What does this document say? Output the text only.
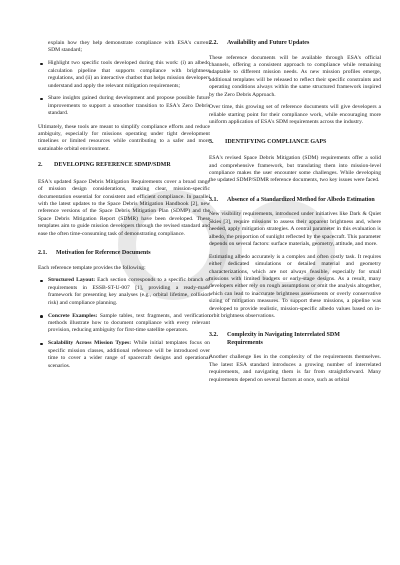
explain how they help demonstrate compliance with ESA's current SDM standard;

Highlight two specific tools developed during this work: (i) an albedo calculation pipeline that supports compliance with brightness regulations, and (ii) an interactive chatbot that helps mission developers understand and apply the relevant mitigation requirements;
Share insights gained during development and propose possible future improvements to support a smoother transition to ESA's Zero Debris standard.

Ultimately, these tools are meant to simplify compliance efforts and reduce ambiguity, especially for missions operating under tight development timelines or limited resources while contributing to a safer and more sustainable orbital environment.

2. DEVELOPING REFERENCE SDMP/SDMR

ESA's updated Space Debris Mitigation Requirements cover a broad range of mission design considerations, making clear, mission-specific documentation essential for consistent and efficient compliance. In parallel with the latest updates to the Space Debris Mitigation Handbook [2], new reference versions of the Space Debris Mitigation Plan (SDMP) and the Space Debris Mitigation Report (SDMR) have been developed. These templates aim to guide mission developers through the revised standard and ease the often time-consuming task of demonstrating compliance.

2.1. Motivation for Reference Documents

Each reference template provides the following:

Structured Layout: Each section corresponds to a specific branch of requirements in ESSB-ST-U-007 [1], providing a ready-made framework for presenting key analyses (e.g., orbital lifetime, collision risk) and compliance planning.
Concrete Examples: Sample tables, text fragments, and verification methods illustrate how to document compliance with every relevant provision, reducing ambiguity for first-time satellite operators.
Scalability Across Mission Types: While initial templates focus on specific mission classes, additional reference will be introduced over time to cover a wider range of spacecraft designs and operational scenarios.
2.2. Availability and Future Updates

These reference documents will be available through ESA's official channels, offering a consistent approach to compliance while remaining adaptable to different mission needs. As new mission profiles emerge, additional templates will be released to reflect their specific constraints and operating conditions always within the same structured framework inspired by the Zero Debris Approach.

Over time, this growing set of reference documents will give developers a reliable starting point for their compliance work, while encouraging more uniform application of ESA's SDM requirements across the industry.

3. IDENTIFYING COMPLIANCE GAPS

ESA's revised Space Debris Mitigation (SDM) requirements offer a solid and comprehensive framework, but translating them into mission-level compliance makes the user encounter some challenges. While developing the updated SDMP/SDMR reference documents, two key issues were faced.

3.1. Absence of a Standardized Method for Albedo Estimation

New visibility requirements, introduced under initiatives like Dark & Quiet Skies [3], require missions to assess their apparent brightness and, where needed, apply mitigation strategies. A central parameter in this evaluation is albedo, the proportion of sunlight reflected by the spacecraft. This parameter depends on several factors: surface materials, geometry, attitude, and more.

Estimating albedo accurately is a complex and often costly task. It requires either dedicated simulations or detailed material and geometry characterizations, which are not always feasible, especially for small missions with limited budgets or early-stage designs. As a result, many developers either rely on rough assumptions or omit the analysis altogether, which can lead to inaccurate brightness assessments or overly conservative sizing of mitigation measures. To support these missions, a pipeline was developed to provide realistic, mission-specific albedo values based on in-orbit brightness observations.

3.2. Complexity in Navigating Interrelated SDM Requirements

Another challenge lies in the complexity of the requirements themselves. The latest ESA standard introduces a growing number of interrelated requirements, and navigating them is far from straightforward. Many requirements depend on several factors at once, such as orbital
